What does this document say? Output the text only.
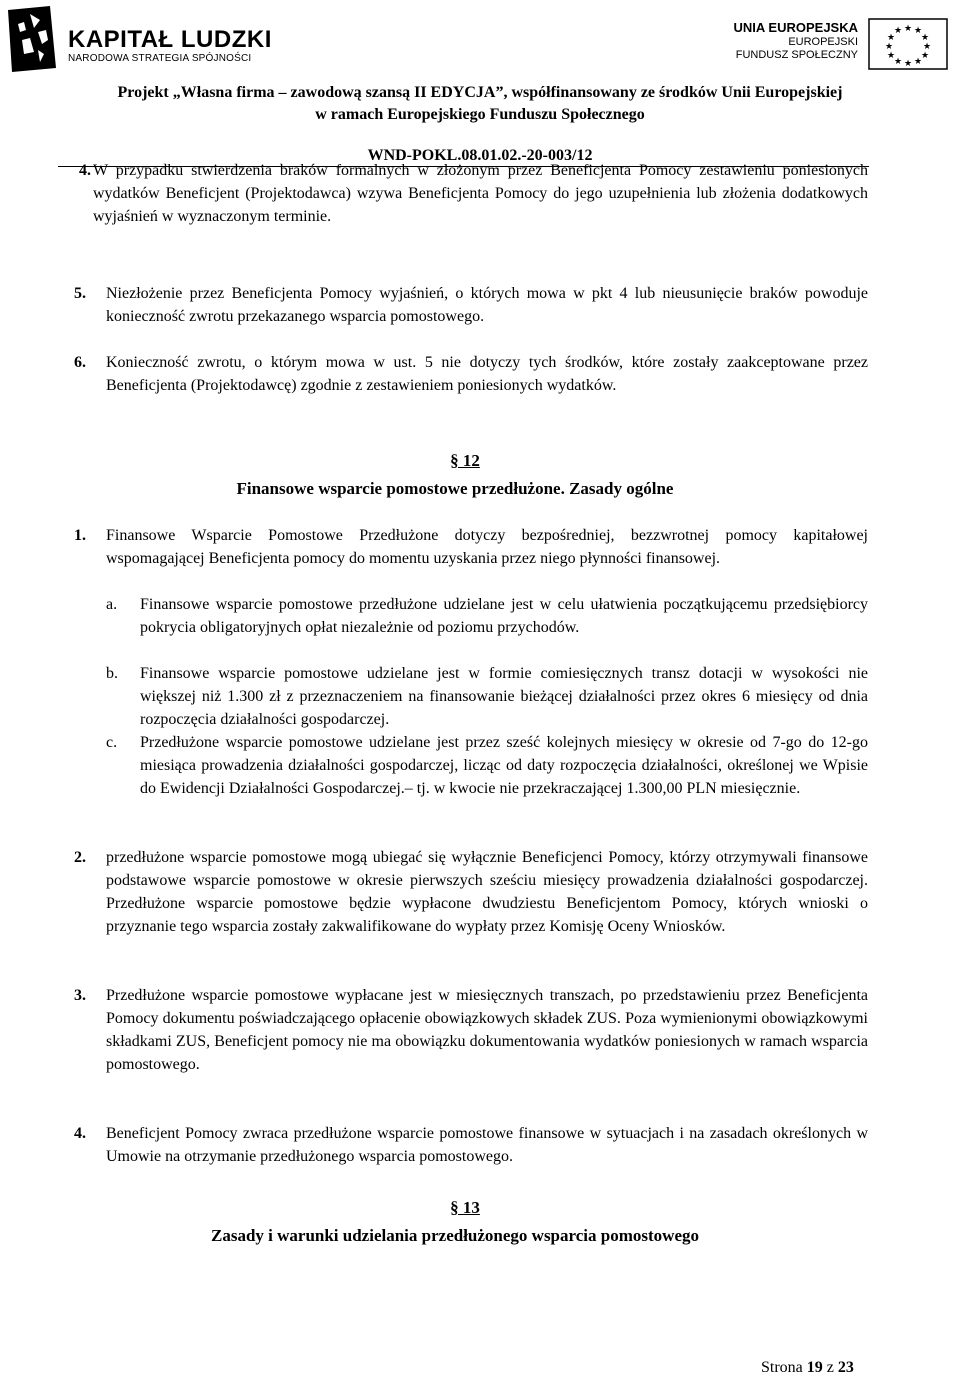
KAPITAŁ LUDZKI
NARODOWA STRATEGIA SPÓJNOŚCI
UNIA EUROPEJSKA
EUROPEJSKI
FUNDUSZ SPOŁECZNY
★ ★
★
★
★
★
★
★
★
★
★
★
Projekt „Własna firma – zawodową szansą II EDYCJA”, współfinansowany ze środków Unii Europejskiej
w ramach Europejskiego Funduszu Społecznego
WND-POKL.08.01.02.-20-003/12
4. W przypadku stwierdzenia braków formalnych w złożonym przez Beneficjenta Pomocy zestawieniu poniesionych wydatków Beneficjent (Projektodawca) wzywa Beneficjenta Pomocy do jego uzupełnienia lub złożenia dodatkowych wyjaśnień w wyznaczonym terminie.
5. Niezłożenie przez Beneficjenta Pomocy wyjaśnień, o których mowa w pkt 4 lub nieusunięcie braków powoduje konieczność zwrotu przekazanego wsparcia pomostowego.
6. Konieczność zwrotu, o którym mowa w ust. 5 nie dotyczy tych środków, które zostały zaakceptowane przez Beneficjenta (Projektodawcę) zgodnie z zestawieniem poniesionych wydatków.
§ 12
Finansowe wsparcie pomostowe przedłużone. Zasady ogólne
1. Finansowe Wsparcie Pomostowe Przedłużone dotyczy bezpośredniej, bezzwrotnej pomocy kapitałowej wspomagającej Beneficjenta pomocy do momentu uzyskania przez niego płynności finansowej.
a. Finansowe wsparcie pomostowe przedłużone udzielane jest w celu ułatwienia początkującemu przedsiębiorcy pokrycia obligatoryjnych opłat niezależnie od poziomu przychodów.
b. Finansowe wsparcie pomostowe udzielane jest w formie comiesięcznych transz dotacji w wysokości nie większej niż 1.300 zł z przeznaczeniem na finansowanie bieżącej działalności przez okres 6 miesięcy od dnia rozpoczęcia działalności gospodarczej.
c. Przedłużone wsparcie pomostowe udzielane jest przez sześć kolejnych miesięcy w okresie od 7-go do 12-go miesiąca prowadzenia działalności gospodarczej, licząc od daty rozpoczęcia działalności, określonej we Wpisie do Ewidencji Działalności Gospodarczej.– tj. w kwocie nie przekraczającej 1.300,00 PLN miesięcznie.
2. przedłużone wsparcie pomostowe mogą ubiegać się wyłącznie Beneficjenci Pomocy, którzy otrzymywali finansowe podstawowe wsparcie pomostowe w okresie pierwszych sześciu miesięcy prowadzenia działalności gospodarczej. Przedłużone wsparcie pomostowe będzie wypłacone dwudziestu Beneficjentom Pomocy, których wnioski o przyznanie tego wsparcia zostały zakwalifikowane do wypłaty przez Komisję Oceny Wniosków.
3. Przedłużone wsparcie pomostowe wypłacane jest w miesięcznych transzach, po przedstawieniu przez Beneficjenta Pomocy dokumentu poświadczającego opłacenie obowiązkowych składek ZUS. Poza wymienionymi obowiązkowymi składkami ZUS, Beneficjent pomocy nie ma obowiązku dokumentowania wydatków poniesionych w ramach wsparcia pomostowego.
4. Beneficjent Pomocy zwraca przedłużone wsparcie pomostowe finansowe w sytuacjach i na zasadach określonych w Umowie na otrzymanie przedłużonego wsparcia pomostowego.
§ 13
Zasady i warunki udzielania przedłużonego wsparcia pomostowego
Strona 19 z 23
